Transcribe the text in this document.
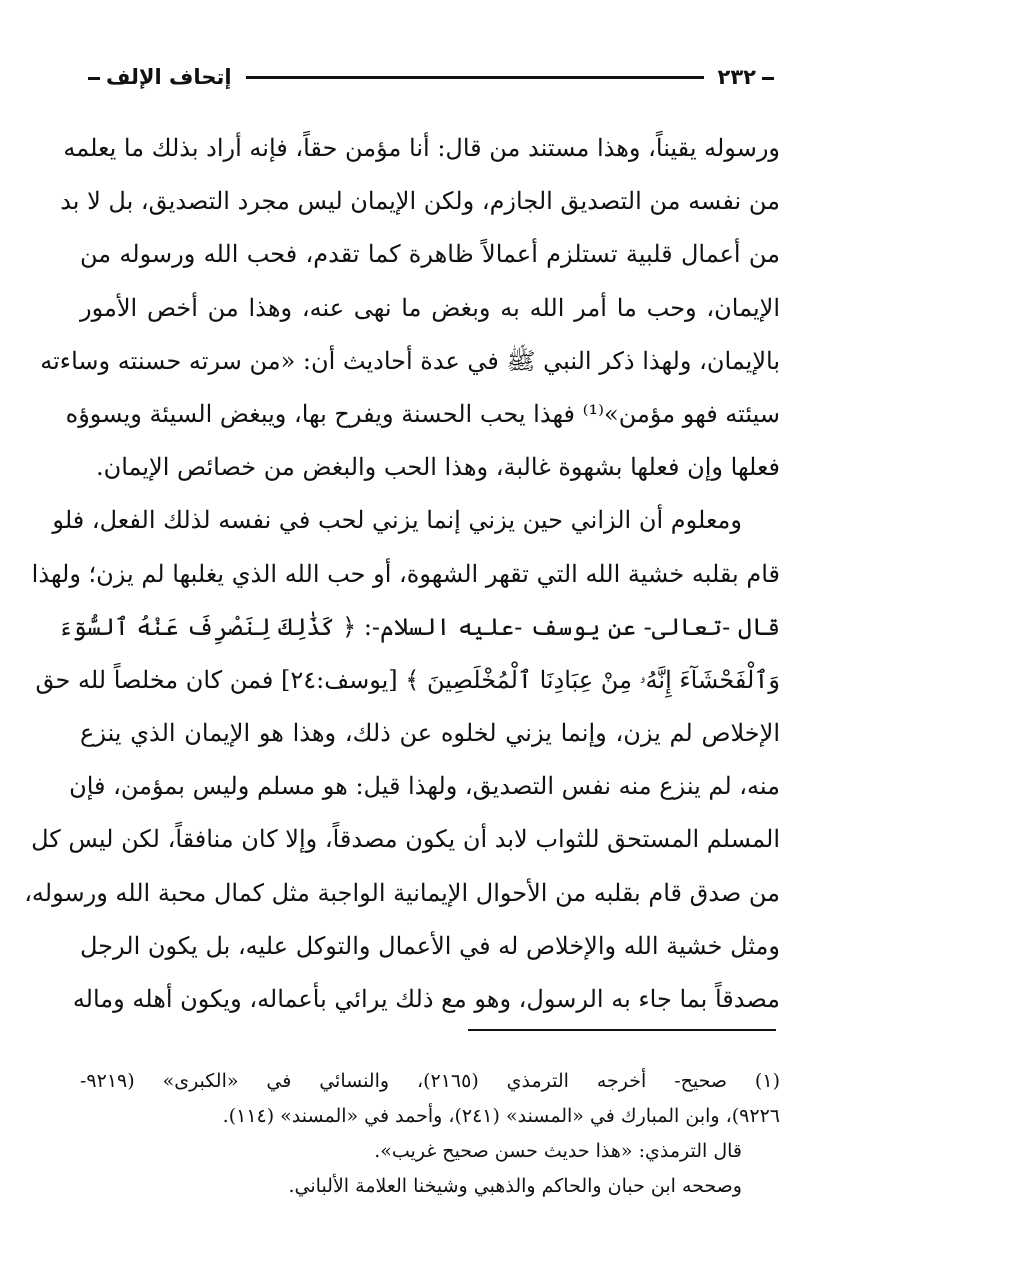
٢٣٢
إتحاف الإلف
ورسوله يقيناً، وهذا مستند من قال: أنا مؤمن حقاً، فإنه أراد بذلك ما يعلمه
من نفسه من التصديق الجازم، ولكن الإيمان ليس مجرد التصديق، بل لا بد
من أعمال قلبية تستلزم أعمالاً ظاهرة كما تقدم، فحب الله ورسوله من
الإيمان، وحب ما أمر الله به وبغض ما نهى عنه، وهذا من أخص الأمور
بالإيمان، ولهذا ذكر النبي ﷺ في عدة أحاديث أن: «من سرته حسنته وساءته
سيئته فهو مؤمن»⁽¹⁾ فهذا يحب الحسنة ويفرح بها، ويبغض السيئة ويسوؤه
فعلها وإن فعلها بشهوة غالبة، وهذا الحب والبغض من خصائص الإيمان.
ومعلوم أن الزاني حين يزني إنما يزني لحب في نفسه لذلك الفعل، فلو
قام بقلبه خشية الله التي تقهر الشهوة، أو حب الله الذي يغلبها لم يزن؛ ولهذا
قال -تعالى- عن يوسف -عليه السلام-: ﴿ كَذَٰلِكَ لِنَصْرِفَ عَنْهُ ٱلسُّوٓءَ
وَٱلْفَحْشَآءَ إِنَّهُۥ مِنْ عِبَادِنَا ٱلْمُخْلَصِينَ ﴾ [يوسف:٢٤] فمن كان مخلصاً لله حق
الإخلاص لم يزن، وإنما يزني لخلوه عن ذلك، وهذا هو الإيمان الذي ينزع
منه، لم ينزع منه نفس التصديق، ولهذا قيل: هو مسلم وليس بمؤمن، فإن
المسلم المستحق للثواب لابد أن يكون مصدقاً، وإلا كان منافقاً، لكن ليس كل
من صدق قام بقلبه من الأحوال الإيمانية الواجبة مثل كمال محبة الله ورسوله،
ومثل خشية الله والإخلاص له في الأعمال والتوكل عليه، بل يكون الرجل
مصدقاً بما جاء به الرسول، وهو مع ذلك يرائي بأعماله، ويكون أهله وماله
(١) صحيح- أخرجه الترمذي (٢١٦٥)، والنسائي في «الكبرى» (٩٢١٩-
٩٢٢٦)، وابن المبارك في «المسند» (٢٤١)، وأحمد في «المسند» (١١٤).
قال الترمذي: «هذا حديث حسن صحيح غريب».
وصححه ابن حبان والحاكم والذهبي وشيخنا العلامة الألباني.
